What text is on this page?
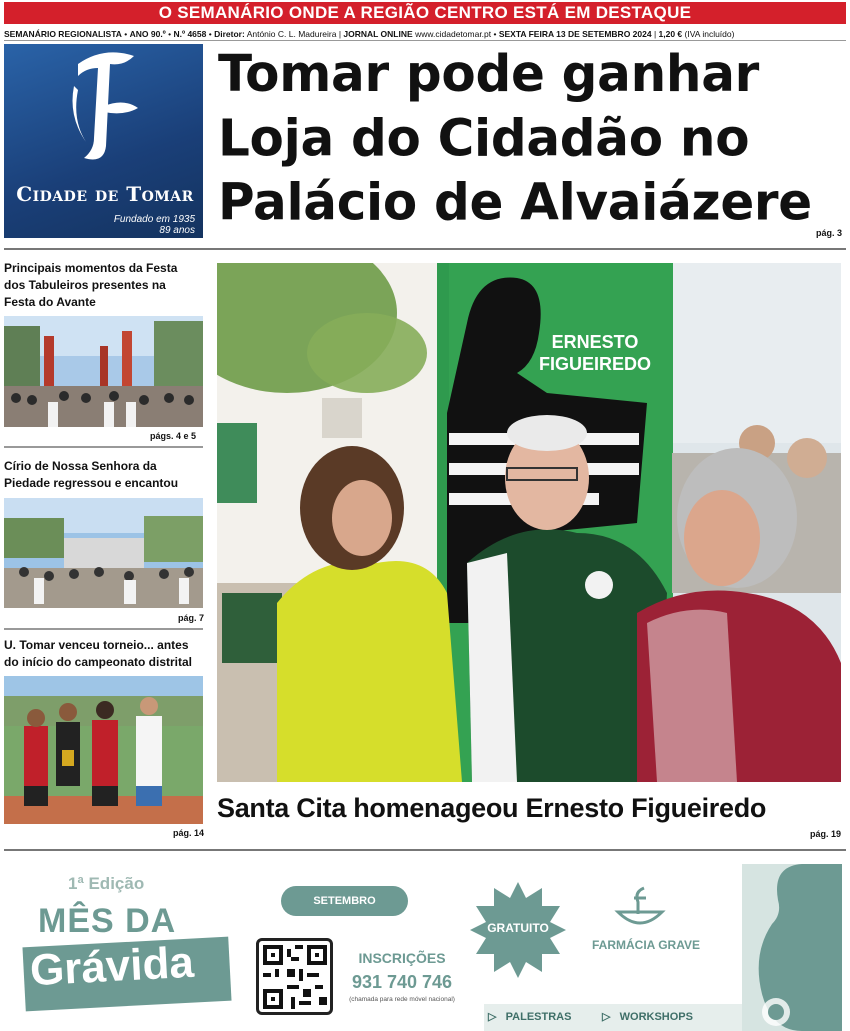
O SEMANÁRIO ONDE A REGIÃO CENTRO ESTÁ EM DESTAQUE
SEMANÁRIO REGIONALISTA • ANO 90.º • N.º 4658 • Diretor: António C. L. Madureira | JORNAL ONLINE www.cidadetomar.pt • SEXTA FEIRA 13 DE SETEMBRO 2024 | 1,20 € (IVA incluído)
Cidade de Tomar
Fundado em 1935
89 anos
Tomar pode ganhar Loja do Cidadão no Palácio de Alvaiázere
pág. 3
Principais momentos da Festa dos Tabuleiros presentes na Festa do Avante
págs. 4 e 5
Círio de Nossa Senhora da Piedade regressou e encantou
pág. 7
U. Tomar venceu torneio... antes do início do campeonato distrital
pág. 14
ERNESTO FIGUEIREDO
Santa Cita homenageou Ernesto Figueiredo
pág. 19
1ª Edição
MÊS DA
Grávida
SETEMBRO
INSCRIÇÕES
931 740 746
(chamada para rede móvel nacional)
GRATUITO
FARMÁCIA GRAVE
▷ PALESTRAS	▷ WORKSHOPS
